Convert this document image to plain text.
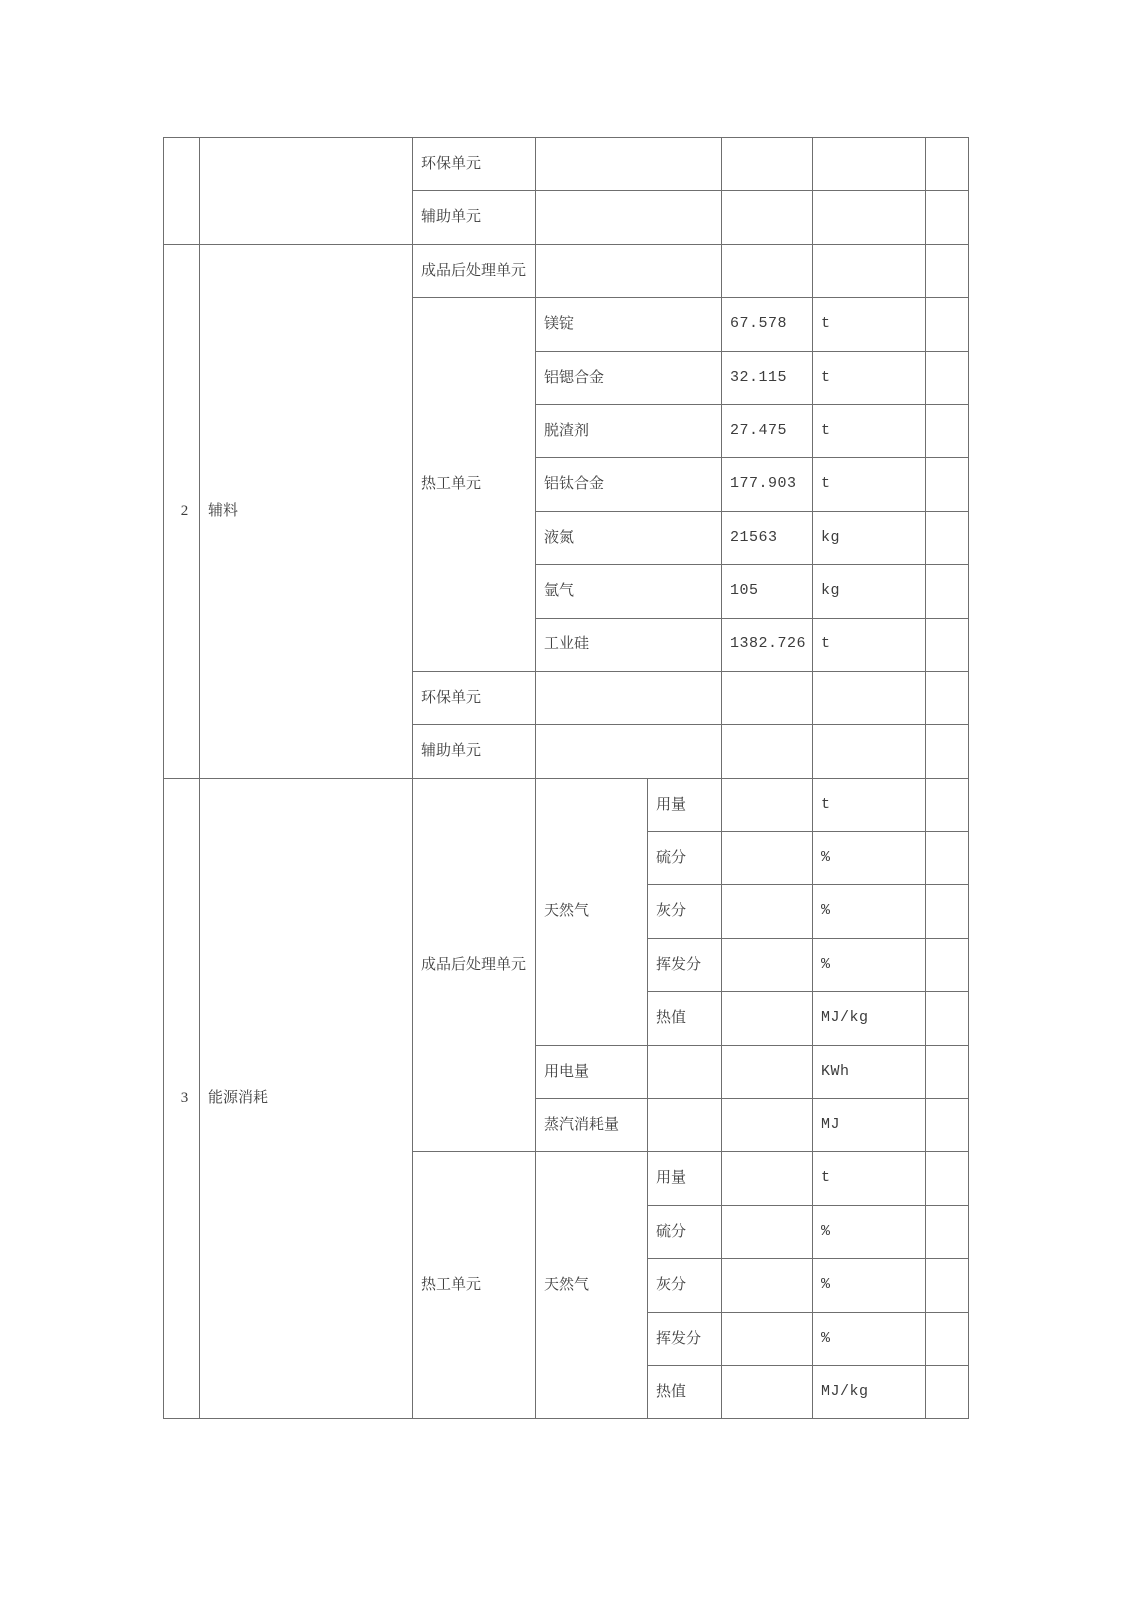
		环保单元					
		辅助单元					
2	辅料	成品后处理单元					
		热工单元	镁锭		67.578	t	
			铝锶合金		32.115	t	
			脱渣剂		27.475	t	
			铝钛合金		177.903	t	
			液氮		21563	kg	
			氩气		105	kg	
			工业硅		1382.726	t	
		环保单元					
		辅助单元					
3	能源消耗	成品后处理单元	天然气	用量		t	
				硫分		%	
				灰分		%	
				挥发分		%	
				热值		MJ/kg	
			用电量			KWh	
			蒸汽消耗量			MJ	
		热工单元	天然气	用量		t	
				硫分		%	
				灰分		%	
				挥发分		%	
				热值		MJ/kg	
